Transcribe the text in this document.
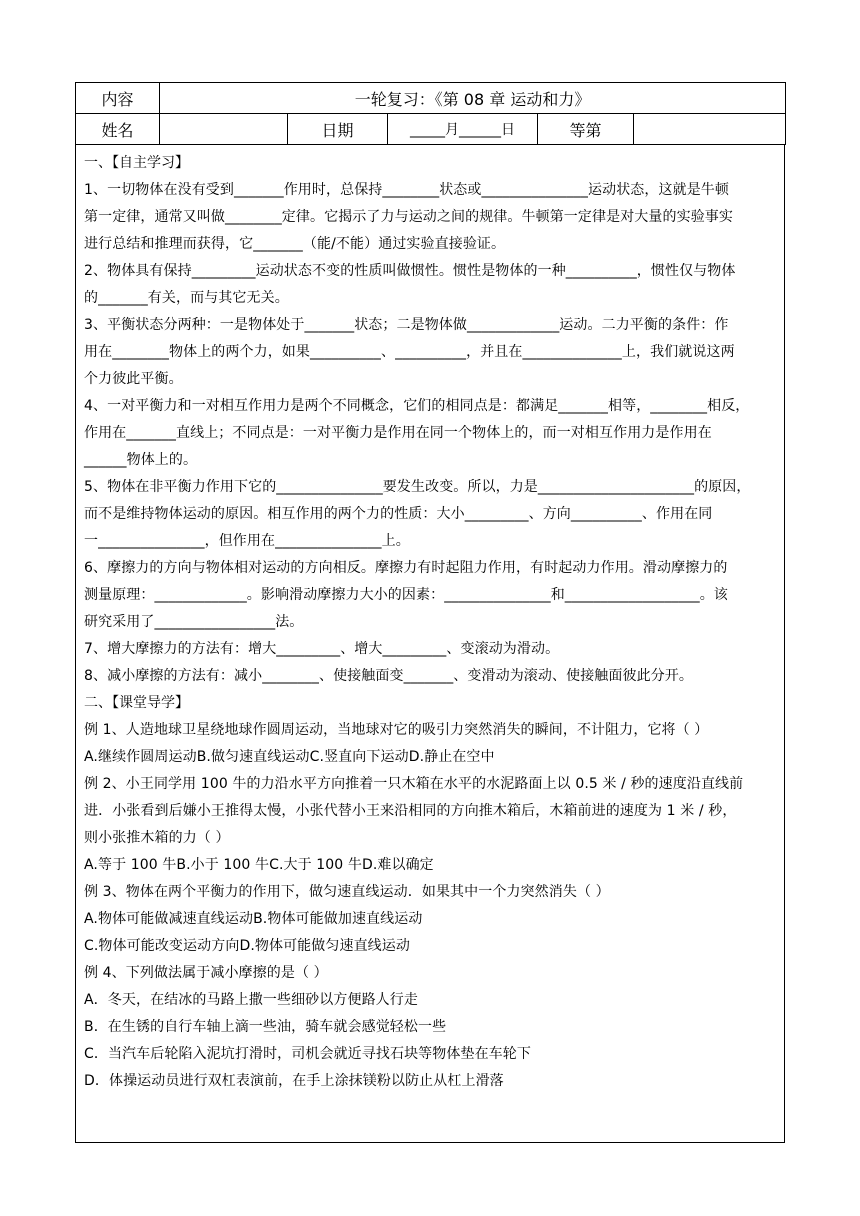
内容	一轮复习：《第 08 章 运动和力》				
姓名		日期	_____月______日	等第	
一、【自主学习】
1、一切物体在没有受到_______作用时，总保持________状态或_______________运动状态，这就是牛顿
第一定律，通常又叫做________定律。它揭示了力与运动之间的规律。牛顿第一定律是对大量的实验事实
进行总结和推理而获得，它_______（能/不能）通过实验直接验证。
2、物体具有保持_________运动状态不变的性质叫做惯性。惯性是物体的一种__________，惯性仅与物体
的_______有关，而与其它无关。
3、平衡状态分两种：一是物体处于_______状态；二是物体做_____________运动。二力平衡的条件：作
用在________物体上的两个力，如果__________、__________，并且在______________上，我们就说这两
个力彼此平衡。
4、一对平衡力和一对相互作用力是两个不同概念，它们的相同点是：都满足_______相等，________相反，
作用在_______直线上；不同点是：一对平衡力是作用在同一个物体上的，而一对相互作用力是作用在
______物体上的。
5、物体在非平衡力作用下它的_______________要发生改变。所以，力是______________________的原因，
而不是维持物体运动的原因。相互作用的两个力的性质：大小_________、方向__________、作用在同
一_______________，但作用在_______________上。
6、摩擦力的方向与物体相对运动的方向相反。摩擦力有时起阻力作用，有时起动力作用。滑动摩擦力的
测量原理：_____________。影响滑动摩擦力大小的因素：_______________和___________________。该
研究采用了_________________法。
7、增大摩擦力的方法有：增大_________、增大_________、变滚动为滑动。
8、减小摩擦的方法有：减小________、使接触面变_______、变滑动为滚动、使接触面彼此分开。
二、【课堂导学】
例 1、人造地球卫星绕地球作圆周运动，当地球对它的吸引力突然消失的瞬间，不计阻力，它将（ ）
A.继续作圆周运动B.做匀速直线运动C.竖直向下运动D.静止在空中
例 2、小王同学用 100 牛的力沿水平方向推着一只木箱在水平的水泥路面上以 0.5 米 / 秒的速度沿直线前
进．小张看到后嫌小王推得太慢，小张代替小王来沿相同的方向推木箱后，木箱前进的速度为 1 米 / 秒，
则小张推木箱的力（ ）
A.等于 100 牛B.小于 100 牛C.大于 100 牛D.难以确定
例 3、物体在两个平衡力的作用下，做匀速直线运动．如果其中一个力突然消失（ ）
A.物体可能做减速直线运动B.物体可能做加速直线运动
C.物体可能改变运动方向D.物体可能做匀速直线运动
例 4、下列做法属于减小摩擦的是（ ）
A．冬天，在结冰的马路上撒一些细砂以方便路人行走
B．在生锈的自行车轴上滴一些油，骑车就会感觉轻松一些
C．当汽车后轮陷入泥坑打滑时，司机会就近寻找石块等物体垫在车轮下
D．体操运动员进行双杠表演前，在手上涂抹镁粉以防止从杠上滑落
